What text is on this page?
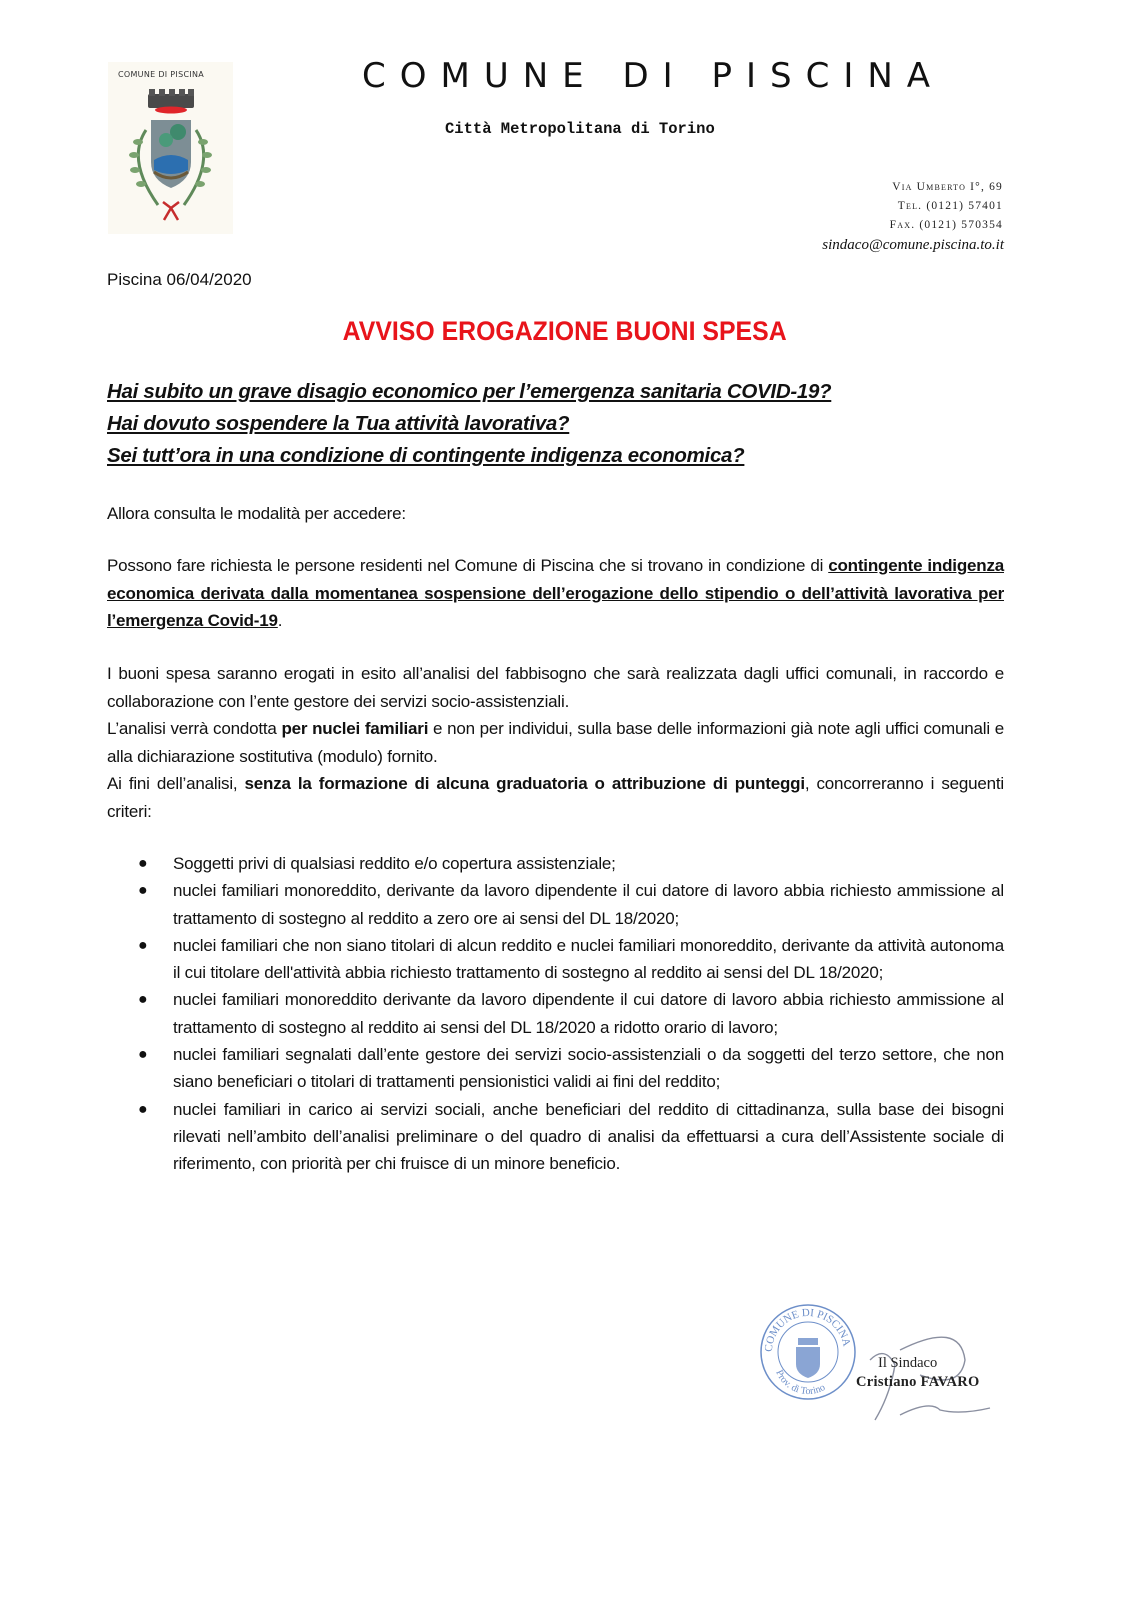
COMUNE DI PISCINA	COMUNE DI PISCINA
Città Metropolitana di Torino
Via Umberto I°, 69
Tel. (0121) 57401
Fax. (0121) 570354
sindaco@comune.piscina.to.it
Piscina 06/04/2020
AVVISO EROGAZIONE BUONI SPESA
Hai subito un grave disagio economico per l’emergenza sanitaria COVID-19?
Hai dovuto sospendere la Tua attività lavorativa?
Sei tutt’ora in una condizione di contingente indigenza economica?
Allora consulta le modalità per accedere:
Possono fare richiesta le persone residenti nel Comune di Piscina che si trovano in condizione di contingente indigenza economica derivata dalla momentanea sospensione dell’erogazione dello stipendio o dell’attività lavorativa per l’emergenza Covid-19.
I buoni spesa saranno erogati in esito all’analisi del fabbisogno che sarà realizzata dagli uffici comunali, in raccordo e collaborazione con l’ente gestore dei servizi socio-assistenziali.
L’analisi verrà condotta per nuclei familiari e non per individui, sulla base delle informazioni già note agli uffici comunali e alla dichiarazione sostitutiva (modulo) fornito.
Ai fini dell’analisi, senza la formazione di alcuna graduatoria o attribuzione di punteggi, concorreranno i seguenti criteri:
● Soggetti privi di qualsiasi reddito e/o copertura assistenziale;
● nuclei familiari monoreddito, derivante da lavoro dipendente il cui datore di lavoro abbia richiesto ammissione al trattamento di sostegno al reddito a zero ore ai sensi del DL 18/2020;
● nuclei familiari che non siano titolari di alcun reddito e nuclei familiari monoreddito, derivante da attività autonoma il cui titolare dell'attività abbia richiesto trattamento di sostegno al reddito ai sensi del DL 18/2020;
● nuclei familiari monoreddito derivante da lavoro dipendente il cui datore di lavoro abbia richiesto ammissione al trattamento di sostegno al reddito ai sensi del DL 18/2020 a ridotto orario di lavoro;
● nuclei familiari segnalati dall’ente gestore dei servizi socio-assistenziali o da soggetti del terzo settore, che non siano beneficiari o titolari di trattamenti pensionistici validi ai fini del reddito;
● nuclei familiari in carico ai servizi sociali, anche beneficiari del reddito di cittadinanza, sulla base dei bisogni rilevati nell’ambito dell’analisi preliminare o del quadro di analisi da effettuarsi a cura dell’Assistente sociale di riferimento, con priorità per chi fruisce di un minore beneficio.
COMUNE DI PISCINA
Prov. di Torino
Il Sindaco
Cristiano FAVARO
